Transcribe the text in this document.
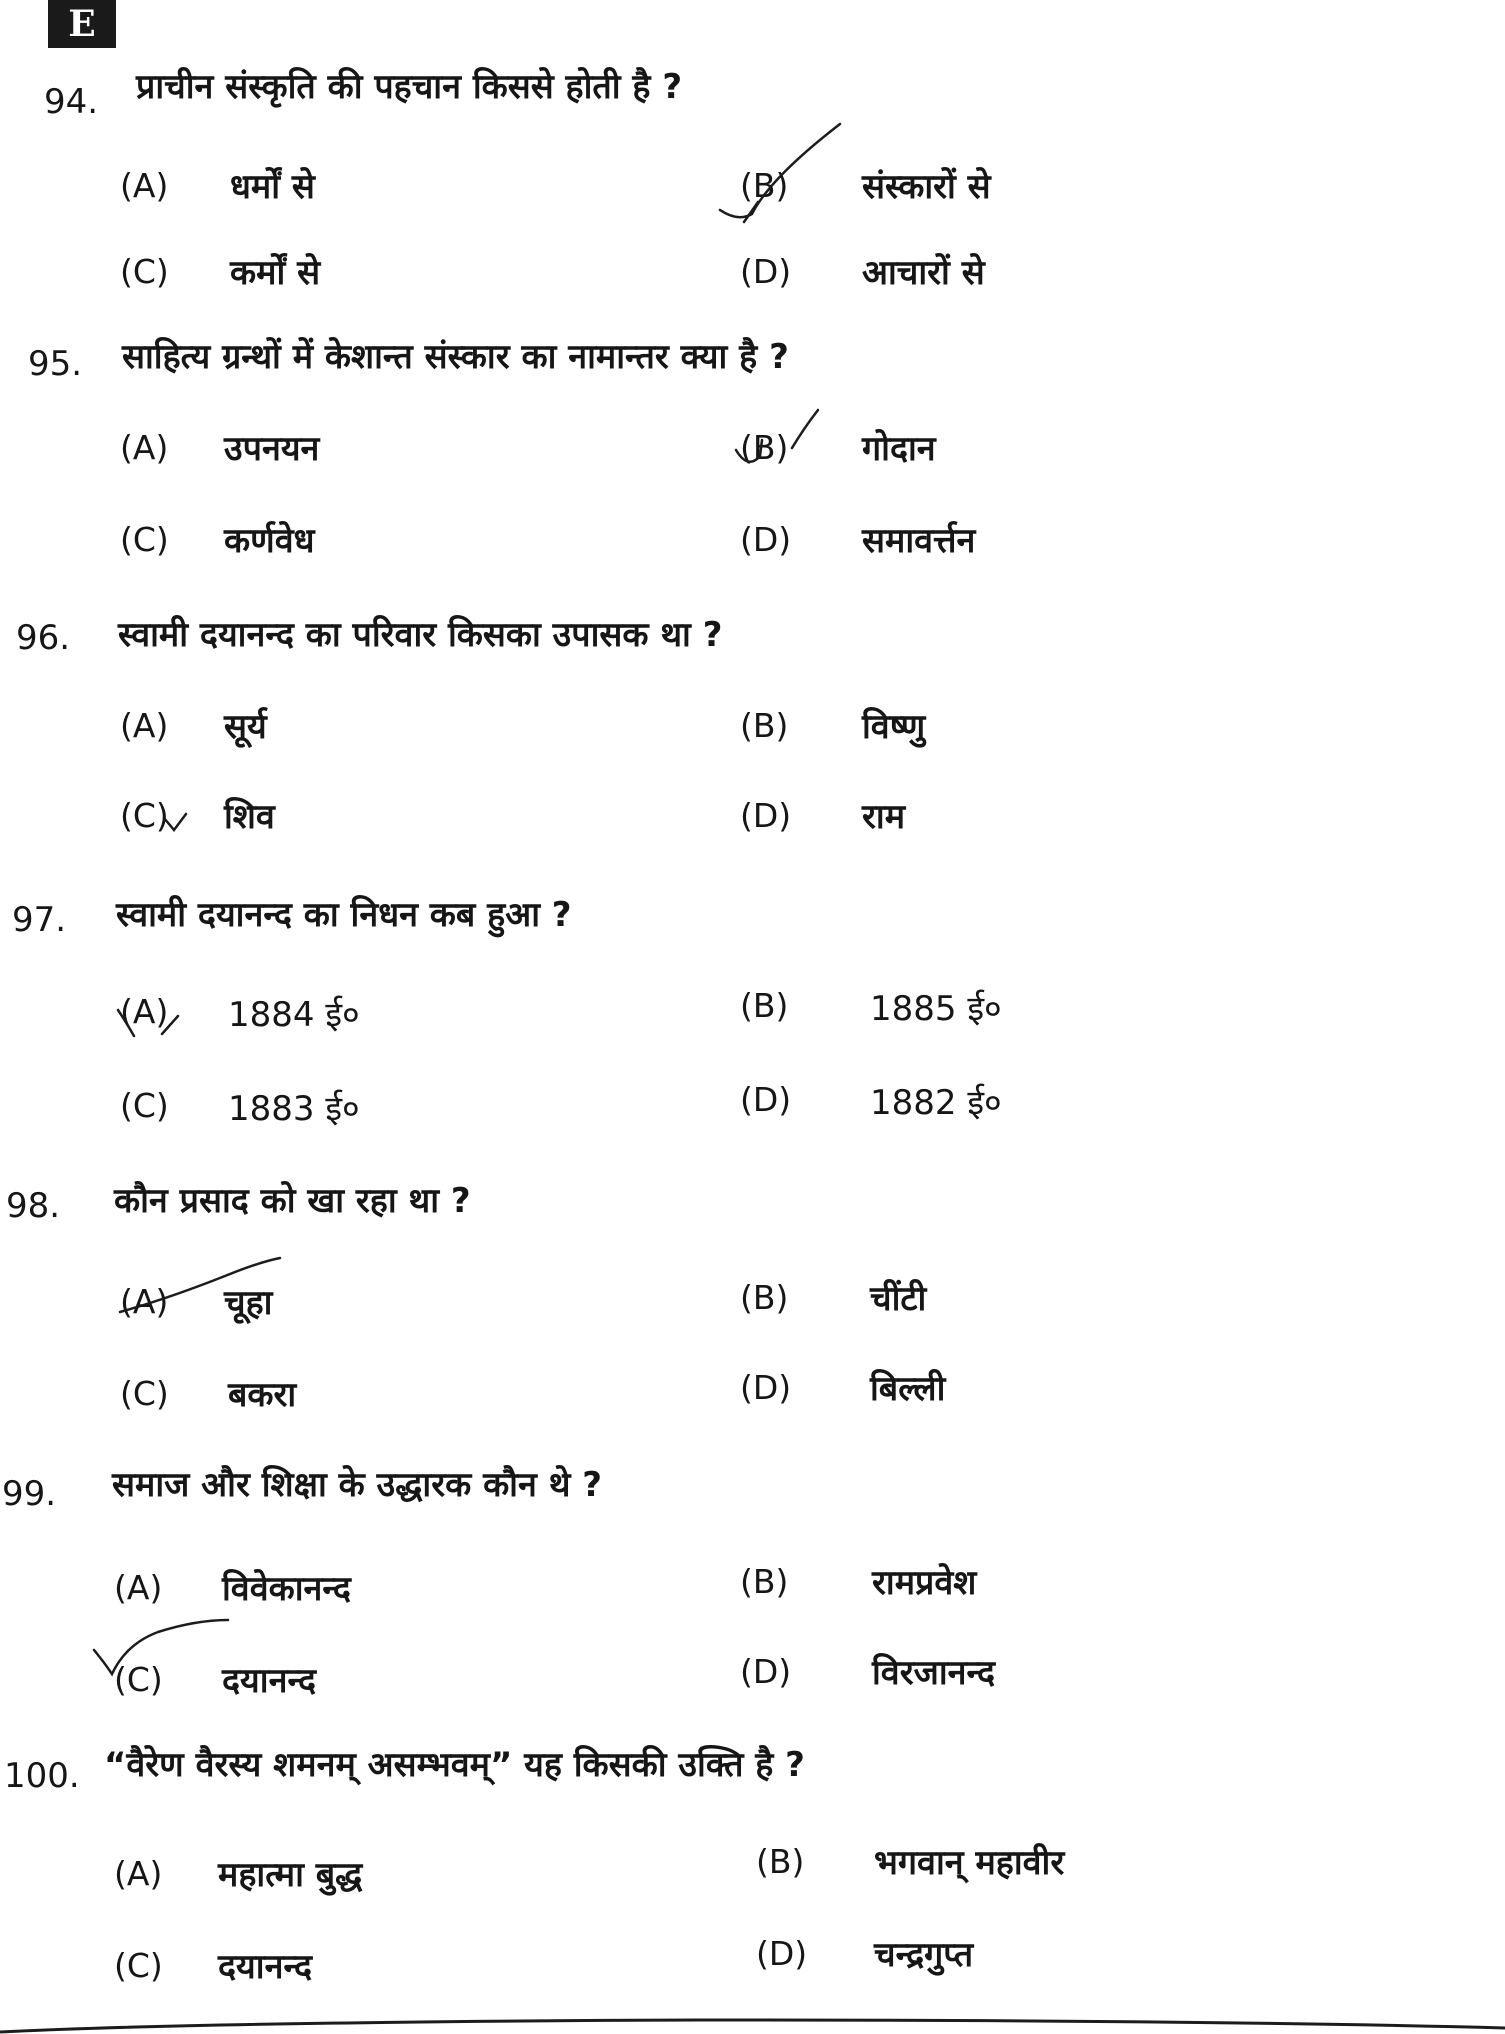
E
94. प्राचीन संस्कृति की पहचान किससे होती है ?
(A) धर्मों से	(B) संस्कारों से
(C) कर्मों से	(D) आचारों से
95. साहित्य ग्रन्थों में केशान्त संस्कार का नामान्तर क्या है ?
(A) उपनयन	(B) गोदान
(C) कर्णवेध	(D) समावर्त्तन
96. स्वामी दयानन्द का परिवार किसका उपासक था ?
(A) सूर्य	(B) विष्णु
(C) शिव	(D) राम
97. स्वामी दयानन्द का निधन कब हुआ ?
(A) 1884 ई०	(B) 1885 ई०
(C) 1883 ई०	(D) 1882 ई०
98. कौन प्रसाद को खा रहा था ?
(A) चूहा	(B) चींटी
(C) बकरा	(D) बिल्ली
99. समाज और शिक्षा के उद्धारक कौन थे ?
(A) विवेकानन्द	(B) रामप्रवेश
(C) दयानन्द	(D) विरजानन्द
100. “वैरेण वैरस्य शमनम् असम्भवम्” यह किसकी उक्ति है ?
(A) महात्मा बुद्ध	(B) भगवान् महावीर
(C) दयानन्द	(D) चन्द्रगुप्त
